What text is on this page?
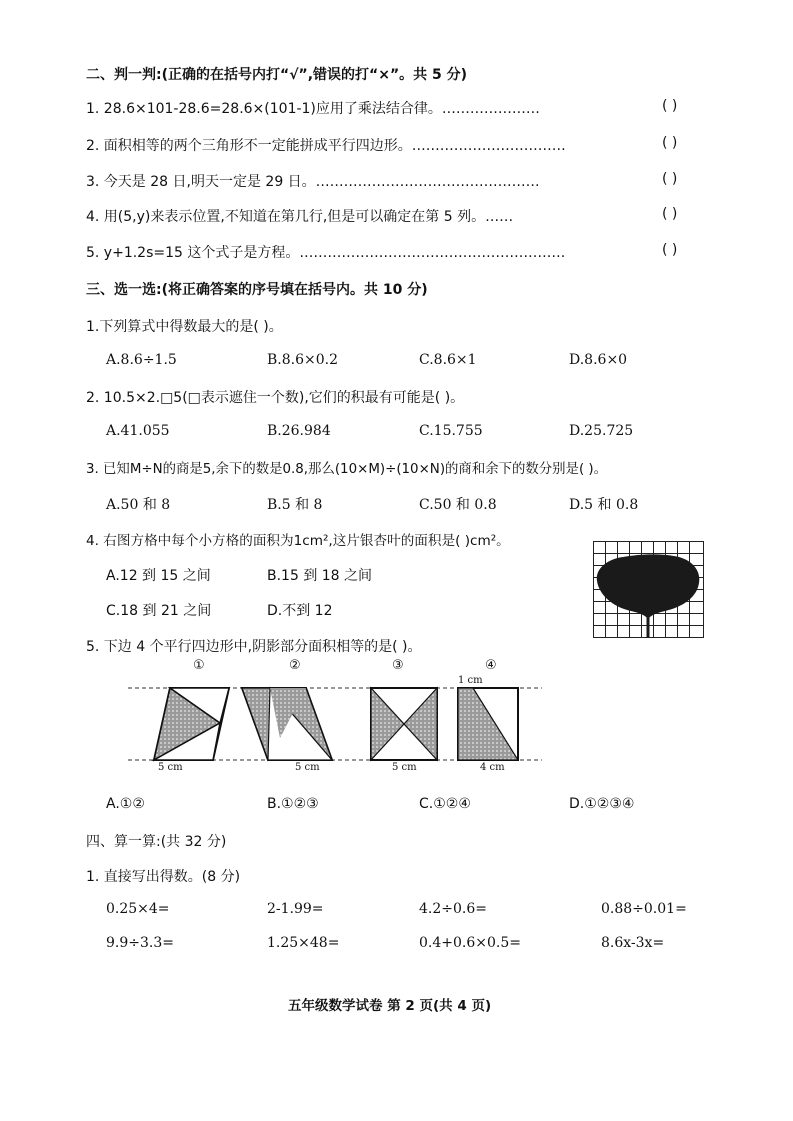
二、判一判:(正确的在括号内打“√”,错误的打“×”。共 5 分)
1. 28.6×101-28.6=28.6×(101-1)应用了乘法结合律。…………………	( )
2. 面积相等的两个三角形不一定能拼成平行四边形。……………………………	( )
3. 今天是 28 日,明天一定是 29 日。…………………………………………	( )
4. 用(5,y)来表示位置,不知道在第几行,但是可以确定在第 5 列。……	( )
5. y+1.2s=15 这个式子是方程。…………………………………………………	( )
三、选一选:(将正确答案的序号填在括号内。共 10 分)
1.下列算式中得数最大的是( )。
A.8.6÷1.5	B.8.6×0.2	C.8.6×1	D.8.6×0
2. 10.5×2.□5(□表示遮住一个数),它们的积最有可能是( )。
A.41.055	B.26.984	C.15.755	D.25.725
3. 已知M÷N的商是5,余下的数是0.8,那么(10×M)÷(10×N)的商和余下的数分别是( )。
A.50 和 8	B.5 和 8	C.50 和 0.8	D.5 和 0.8
4. 右图方格中每个小方格的面积为1cm²,这片银杏叶的面积是( )cm²。
A.12 到 15 之间	B.15 到 18 之间
C.18 到 21 之间	D.不到 12
5. 下边 4 个平行四边形中,阴影部分面积相等的是( )。
①	②	③	④
5 cm	5 cm	5 cm	4 cm
1 cm
A.①②	B.①②③	C.①②④	D.①②③④
四、算一算:(共 32 分)
1. 直接写出得数。(8 分)
0.25×4=	2-1.99=	4.2÷0.6=	0.88÷0.01=
9.9÷3.3=	1.25×48=	0.4+0.6×0.5=	8.6x-3x=
五年级数学试卷 第 2 页(共 4 页)
